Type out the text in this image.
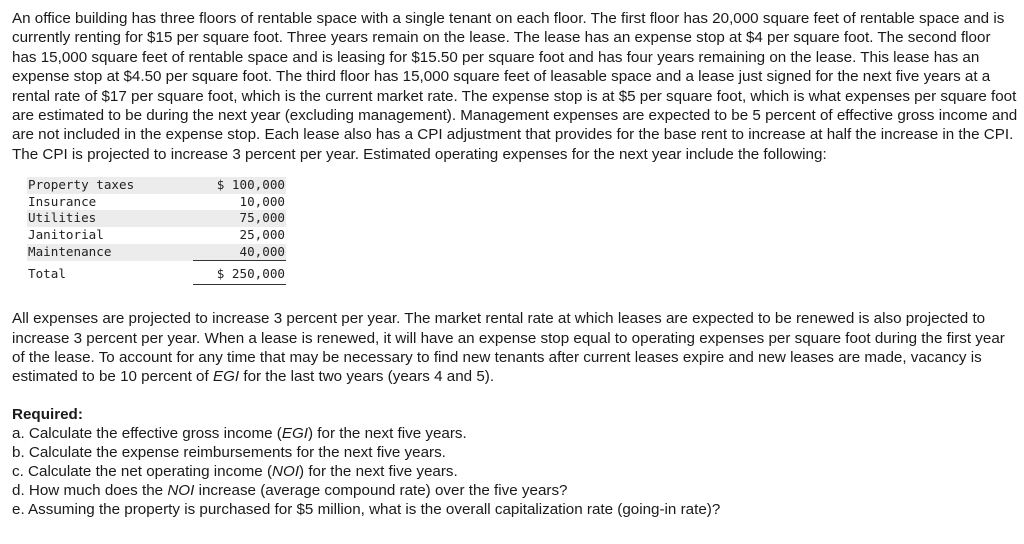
An office building has three floors of rentable space with a single tenant on each floor. The first floor has 20,000 square feet of rentable space and is currently renting for $15 per square foot. Three years remain on the lease. The lease has an expense stop at $4 per square foot. The second floor has 15,000 square feet of rentable space and is leasing for $15.50 per square foot and has four years remaining on the lease. This lease has an expense stop at $4.50 per square foot. The third floor has 15,000 square feet of leasable space and a lease just signed for the next five years at a rental rate of $17 per square foot, which is the current market rate. The expense stop is at $5 per square foot, which is what expenses per square foot are estimated to be during the next year (excluding management). Management expenses are expected to be 5 percent of effective gross income and are not included in the expense stop. Each lease also has a CPI adjustment that provides for the base rent to increase at half the increase in the CPI. The CPI is projected to increase 3 percent per year. Estimated operating expenses for the next year include the following:

Property taxes	$ 100,000
Insurance	10,000
Utilities	75,000
Janitorial	25,000
Maintenance	40,000
Total	$ 250,000

All expenses are projected to increase 3 percent per year. The market rental rate at which leases are expected to be renewed is also projected to increase 3 percent per year. When a lease is renewed, it will have an expense stop equal to operating expenses per square foot during the first year of the lease. To account for any time that may be necessary to find new tenants after current leases expire and new leases are made, vacancy is estimated to be 10 percent of EGI for the last two years (years 4 and 5).

Required:
a. Calculate the effective gross income (EGI) for the next five years.
b. Calculate the expense reimbursements for the next five years.
c. Calculate the net operating income (NOI) for the next five years.
d. How much does the NOI increase (average compound rate) over the five years?
e. Assuming the property is purchased for $5 million, what is the overall capitalization rate (going-in rate)?
